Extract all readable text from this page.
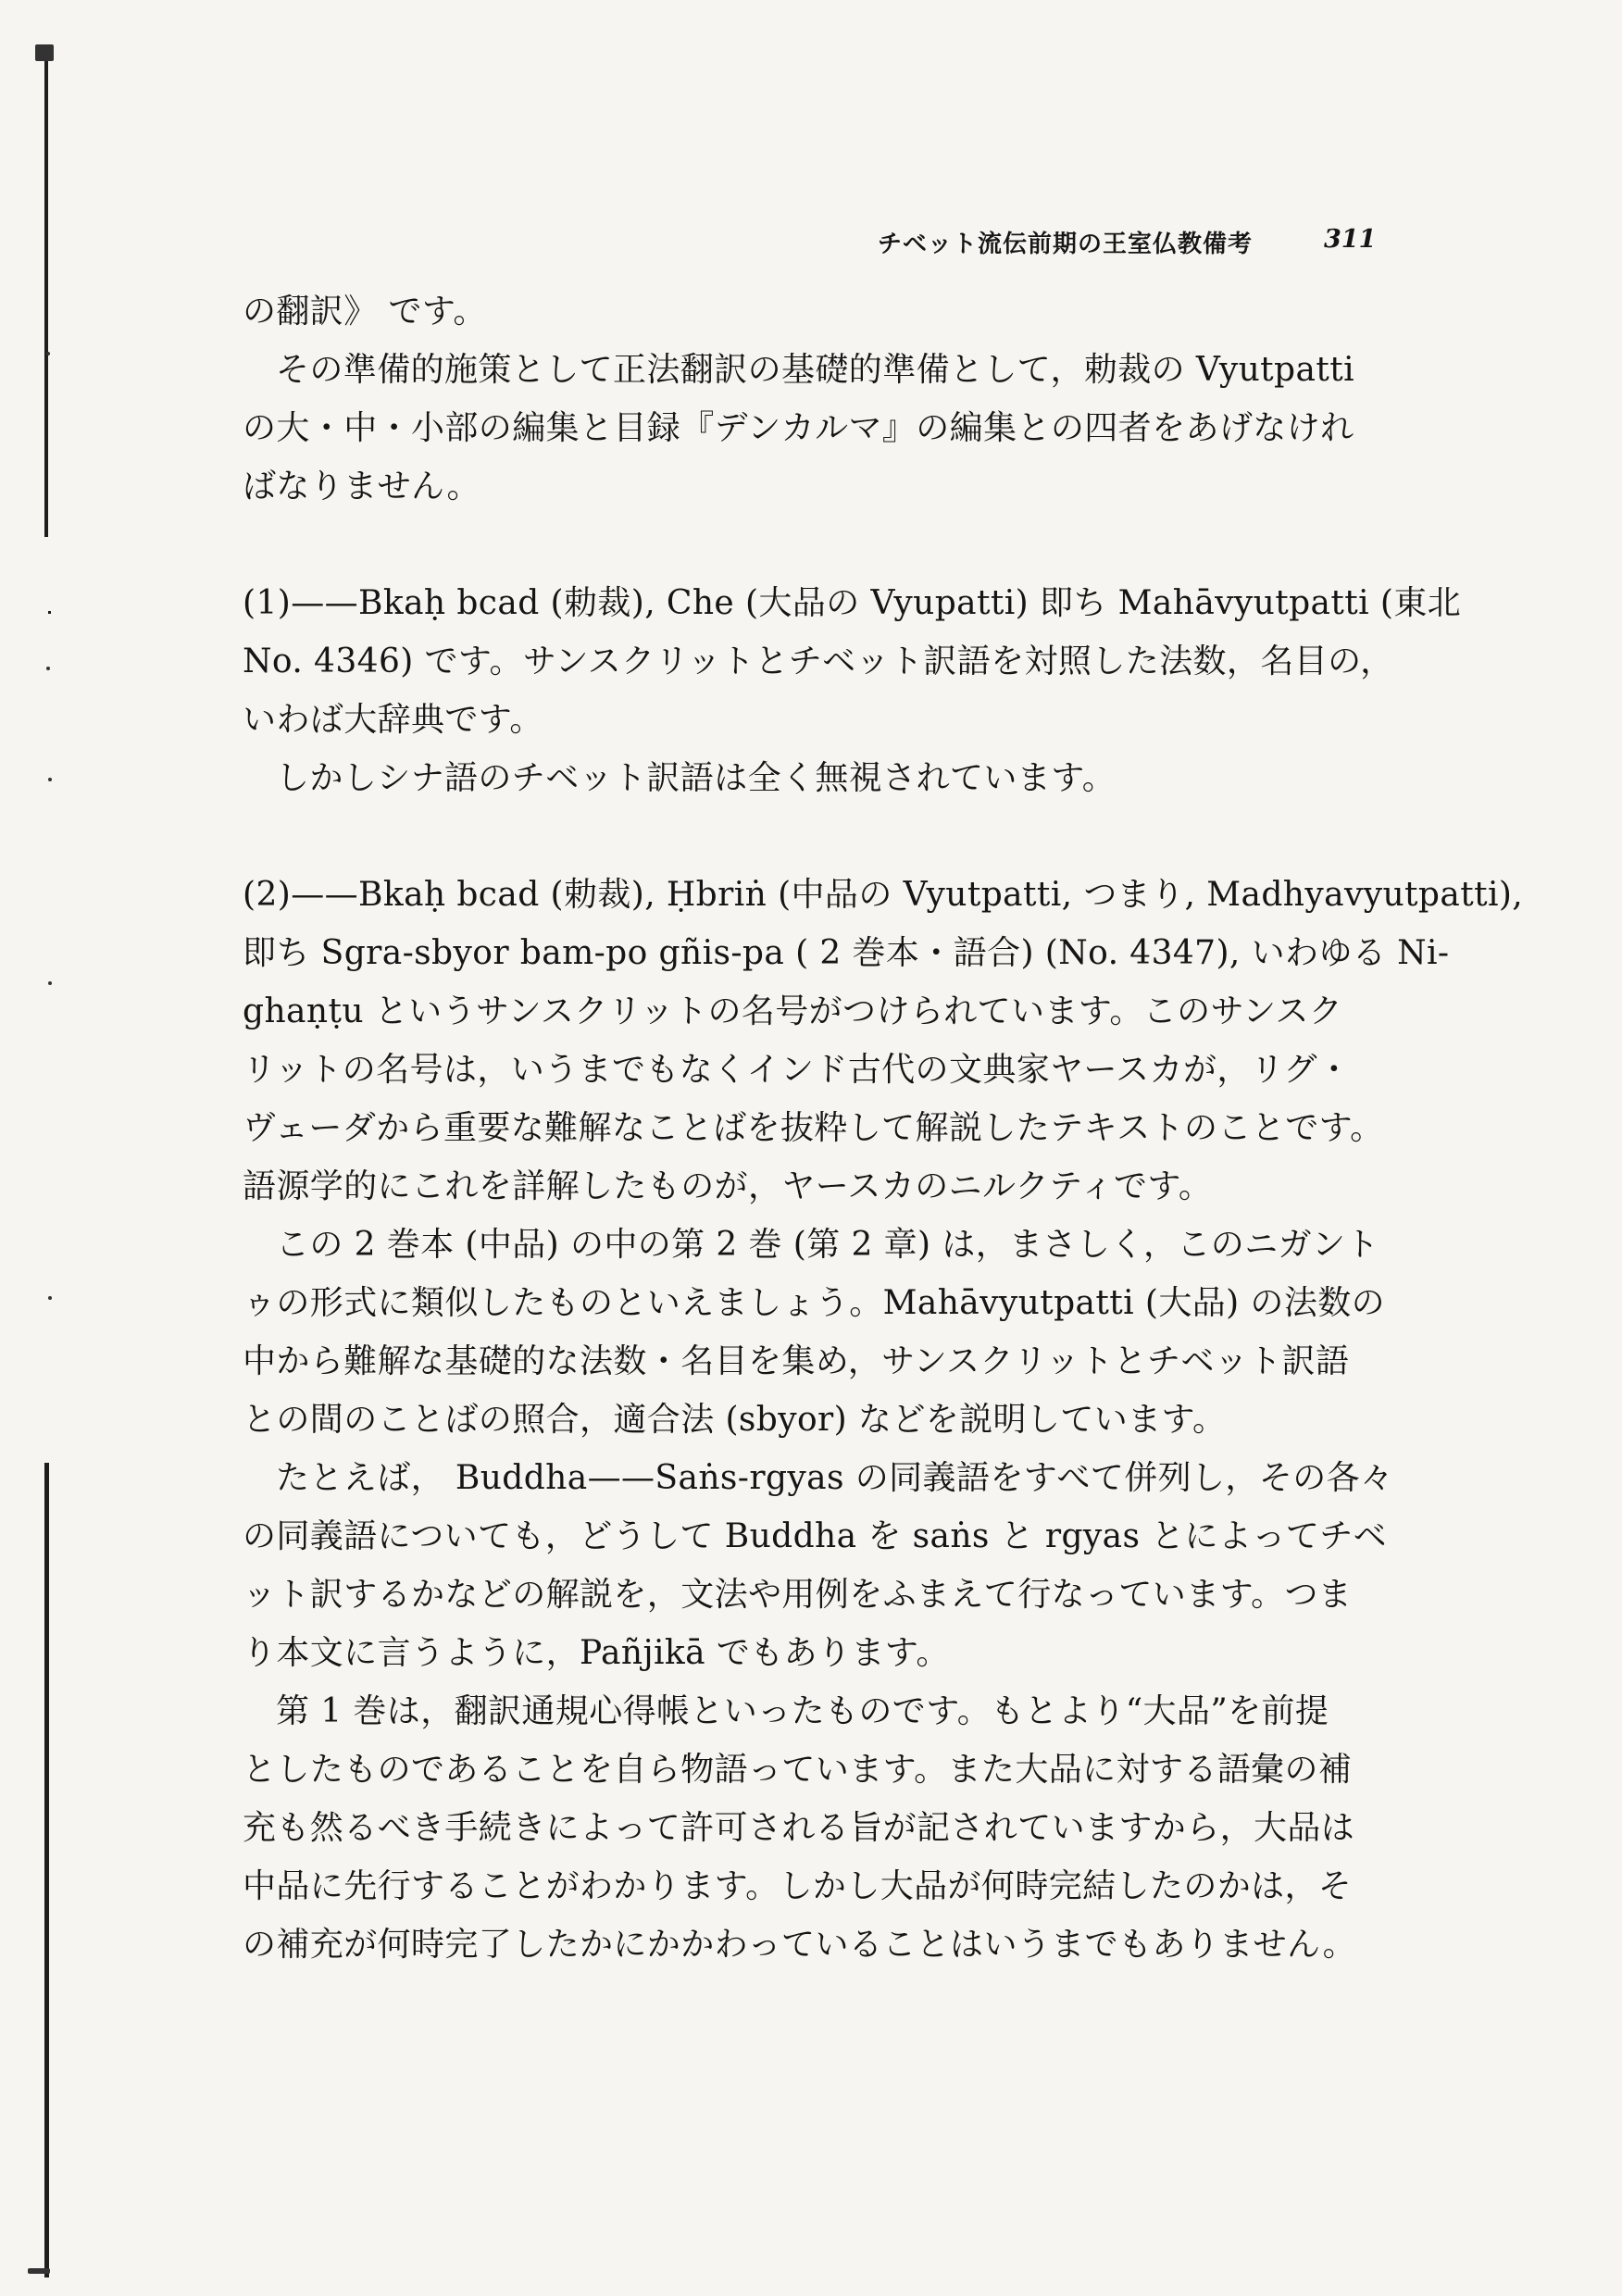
チベット流伝前期の王室仏教備考	311
の翻訳》 です。
その準備的施策として正法翻訳の基礎的準備として，勅裁の Vyutpatti
の大・中・小部の編集と目録『デンカルマ』の編集との四者をあげなけれ
ばなりません。
(1)——Bkaḥ bcad (勅裁), Che (大品の Vyupatti) 即ち Mahāvyutpatti (東北
No. 4346) です。サンスクリットとチベット訳語を対照した法数，名目の，
いわば大辞典です。
しかしシナ語のチベット訳語は全く無視されています。
(2)——Bkaḥ bcad (勅裁), Ḥbriṅ (中品の Vyutpatti, つまり, Madhyavyutpatti),
即ち Sgra-sbyor bam-po gñis-pa ( 2 巻本・語合) (No. 4347), いわゆる Ni-
ghaṇṭu というサンスクリットの名号がつけられています。このサンスク
リットの名号は，いうまでもなくインド古代の文典家ヤースカが，リグ・
ヴェーダから重要な難解なことばを抜粋して解説したテキストのことです。
語源学的にこれを詳解したものが，ヤースカのニルクティです。
この 2 巻本 (中品) の中の第 2 巻 (第 2 章) は，まさしく，このニガント
ゥの形式に類似したものといえましょう。Mahāvyutpatti (大品) の法数の
中から難解な基礎的な法数・名目を集め，サンスクリットとチベット訳語
との間のことばの照合，適合法 (sbyor) などを説明しています。
たとえば， Buddha——Saṅs-rgyas の同義語をすべて併列し，その各々
の同義語についても，どうして Buddha を saṅs と rgyas とによってチベ
ット訳するかなどの解説を，文法や用例をふまえて行なっています。つま
り本文に言うように，Pañjikā でもあります。
第 1 巻は，翻訳通規心得帳といったものです。もとより“大品”を前提
としたものであることを自ら物語っています。また大品に対する語彙の補
充も然るべき手続きによって許可される旨が記されていますから，大品は
中品に先行することがわかります。しかし大品が何時完結したのかは，そ
の補充が何時完了したかにかかわっていることはいうまでもありません。
